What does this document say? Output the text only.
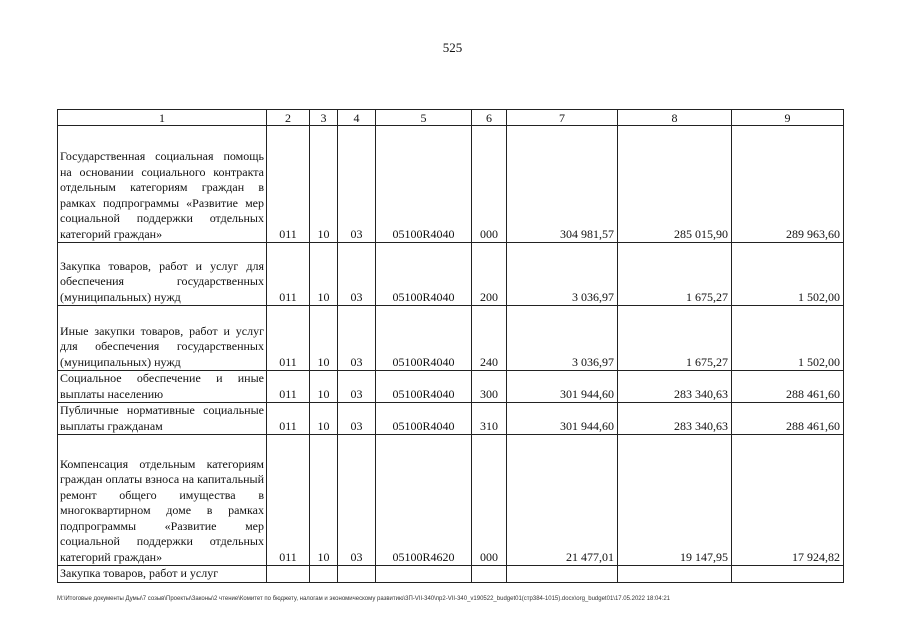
525
1	2	3	4	5	6	7	8	9
Государственная социальная помощь на основании социального контракта отдельным категориям граждан в рамках подпрограммы «Развитие мер социальной поддержки отдельных категорий граждан»	011	10	03	05100R4040	000	304 981,57	285 015,90	289 963,60
Закупка товаров, работ и услуг для обеспечения государственных (муниципальных) нужд	011	10	03	05100R4040	200	3 036,97	1 675,27	1 502,00
Иные закупки товаров, работ и услуг для обеспечения государственных (муниципальных) нужд	011	10	03	05100R4040	240	3 036,97	1 675,27	1 502,00
Социальное обеспечение и иные выплаты населению	011	10	03	05100R4040	300	301 944,60	283 340,63	288 461,60
Публичные нормативные социальные выплаты гражданам	011	10	03	05100R4040	310	301 944,60	283 340,63	288 461,60
Компенсация отдельным категориям граждан оплаты взноса на капитальный ремонт общего имущества в многоквартирном доме в рамках подпрограммы «Развитие мер социальной поддержки отдельных категорий граждан»	011	10	03	05100R4620	000	21 477,01	19 147,95	17 924,82
Закупка товаров, работ и услуг								
M:\Итоговые документы Думы\7 созыв\Проекты\Законы\2 чтение\Комитет по бюджету, налогам и экономическому развитию\3П-VII-340\пр2-VII-340_v190522_budget01(стр384-1015).docx\org_budget01\17.05.2022 18:04:21
